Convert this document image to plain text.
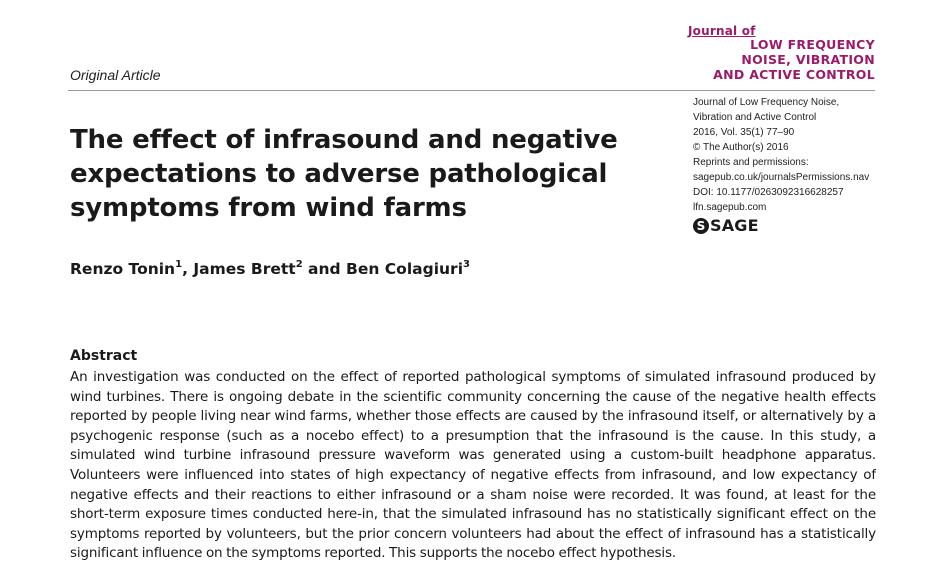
Journal of
LOW FREQUENCY
NOISE, VIBRATION
AND ACTIVE CONTROL
Original Article
Journal of Low Frequency Noise,
Vibration and Active Control
2016, Vol. 35(1) 77–90
© The Author(s) 2016
Reprints and permissions:
sagepub.co.uk/journalsPermissions.nav
DOI: 10.1177/0263092316628257
lfn.sagepub.com
S SAGE
The effect of infrasound and negative
expectations to adverse pathological
symptoms from wind farms
Renzo Tonin$^1$, James Brett$^2$ and Ben Colagiuri$^3$
Abstract
An investigation was conducted on the effect of reported pathological symptoms of simulated infrasound produced by
wind turbines. There is ongoing debate in the scientific community concerning the cause of the negative health effects
reported by people living near wind farms, whether those effects are caused by the infrasound itself, or alternatively by a
psychogenic response (such as a nocebo effect) to a presumption that the infrasound is the cause. In this study, a
simulated wind turbine infrasound pressure waveform was generated using a custom-built headphone apparatus.
Volunteers were influenced into states of high expectancy of negative effects from infrasound, and low expectancy of
negative effects and their reactions to either infrasound or a sham noise were recorded. It was found, at least for the
short-term exposure times conducted here-in, that the simulated infrasound has no statistically significant effect on the
symptoms reported by volunteers, but the prior concern volunteers had about the effect of infrasound has a statistically
significant influence on the symptoms reported. This supports the nocebo effect hypothesis.
